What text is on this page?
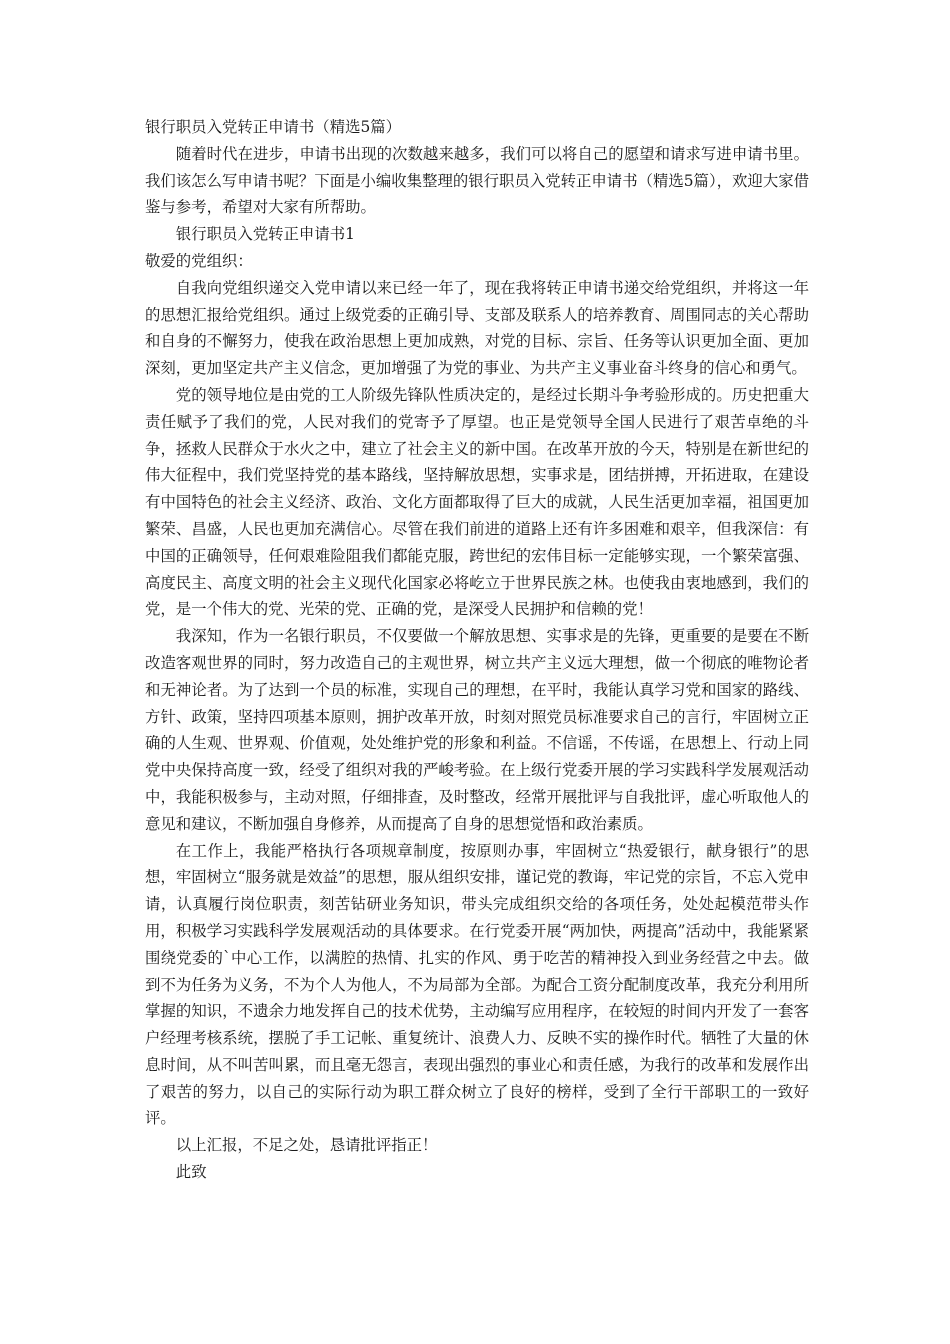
银行职员入党转正申请书（精选5篇）

随着时代在进步，申请书出现的次数越来越多，我们可以将自己的愿望和请求写进申请书里。我们该怎么写申请书呢？下面是小编收集整理的银行职员入党转正申请书（精选5篇），欢迎大家借鉴与参考，希望对大家有所帮助。

银行职员入党转正申请书1

敬爱的党组织：

自我向党组织递交入党申请以来已经一年了，现在我将转正申请书递交给党组织，并将这一年的思想汇报给党组织。通过上级党委的正确引导、支部及联系人的培养教育、周围同志的关心帮助和自身的不懈努力，使我在政治思想上更加成熟，对党的目标、宗旨、任务等认识更加全面、更加深刻，更加坚定共产主义信念，更加增强了为党的事业、为共产主义事业奋斗终身的信心和勇气。

党的领导地位是由党的工人阶级先锋队性质决定的，是经过长期斗争考验形成的。历史把重大责任赋予了我们的党，人民对我们的党寄予了厚望。也正是党领导全国人民进行了艰苦卓绝的斗争，拯救人民群众于水火之中，建立了社会主义的新中国。在改革开放的今天，特别是在新世纪的伟大征程中，我们党坚持党的基本路线，坚持解放思想，实事求是，团结拼搏，开拓进取，在建设有中国特色的社会主义经济、政治、文化方面都取得了巨大的成就，人民生活更加幸福，祖国更加繁荣、昌盛，人民也更加充满信心。尽管在我们前进的道路上还有许多困难和艰辛，但我深信：有中国的正确领导，任何艰难险阻我们都能克服，跨世纪的宏伟目标一定能够实现，一个繁荣富强、高度民主、高度文明的社会主义现代化国家必将屹立于世界民族之林。也使我由衷地感到，我们的党，是一个伟大的党、光荣的党、正确的党，是深受人民拥护和信赖的党！

我深知，作为一名银行职员，不仅要做一个解放思想、实事求是的先锋，更重要的是要在不断改造客观世界的同时，努力改造自己的主观世界，树立共产主义远大理想，做一个彻底的唯物论者和无神论者。为了达到一个员的标准，实现自己的理想，在平时，我能认真学习党和国家的路线、方针、政策，坚持四项基本原则，拥护改革开放，时刻对照党员标准要求自己的言行，牢固树立正确的人生观、世界观、价值观，处处维护党的形象和利益。不信谣，不传谣，在思想上、行动上同党中央保持高度一致，经受了组织对我的严峻考验。在上级行党委开展的学习实践科学发展观活动中，我能积极参与，主动对照，仔细排查，及时整改，经常开展批评与自我批评，虚心听取他人的意见和建议，不断加强自身修养，从而提高了自身的思想觉悟和政治素质。

在工作上，我能严格执行各项规章制度，按原则办事，牢固树立“热爱银行，献身银行”的思想，牢固树立“服务就是效益”的思想，服从组织安排，谨记党的教诲，牢记党的宗旨，不忘入党申请，认真履行岗位职责，刻苦钻研业务知识，带头完成组织交给的各项任务，处处起模范带头作用，积极学习实践科学发展观活动的具体要求。在行党委开展“两加快，两提高”活动中，我能紧紧围绕党委的`中心工作，以满腔的热情、扎实的作风、勇于吃苦的精神投入到业务经营之中去。做到不为任务为义务，不为个人为他人，不为局部为全部。为配合工资分配制度改革，我充分利用所掌握的知识，不遗余力地发挥自己的技术优势，主动编写应用程序，在较短的时间内开发了一套客户经理考核系统，摆脱了手工记帐、重复统计、浪费人力、反映不实的操作时代。牺牲了大量的休息时间，从不叫苦叫累，而且毫无怨言，表现出强烈的事业心和责任感，为我行的改革和发展作出了艰苦的努力，以自己的实际行动为职工群众树立了良好的榜样，受到了全行干部职工的一致好评。

以上汇报，不足之处，恳请批评指正！

此致
